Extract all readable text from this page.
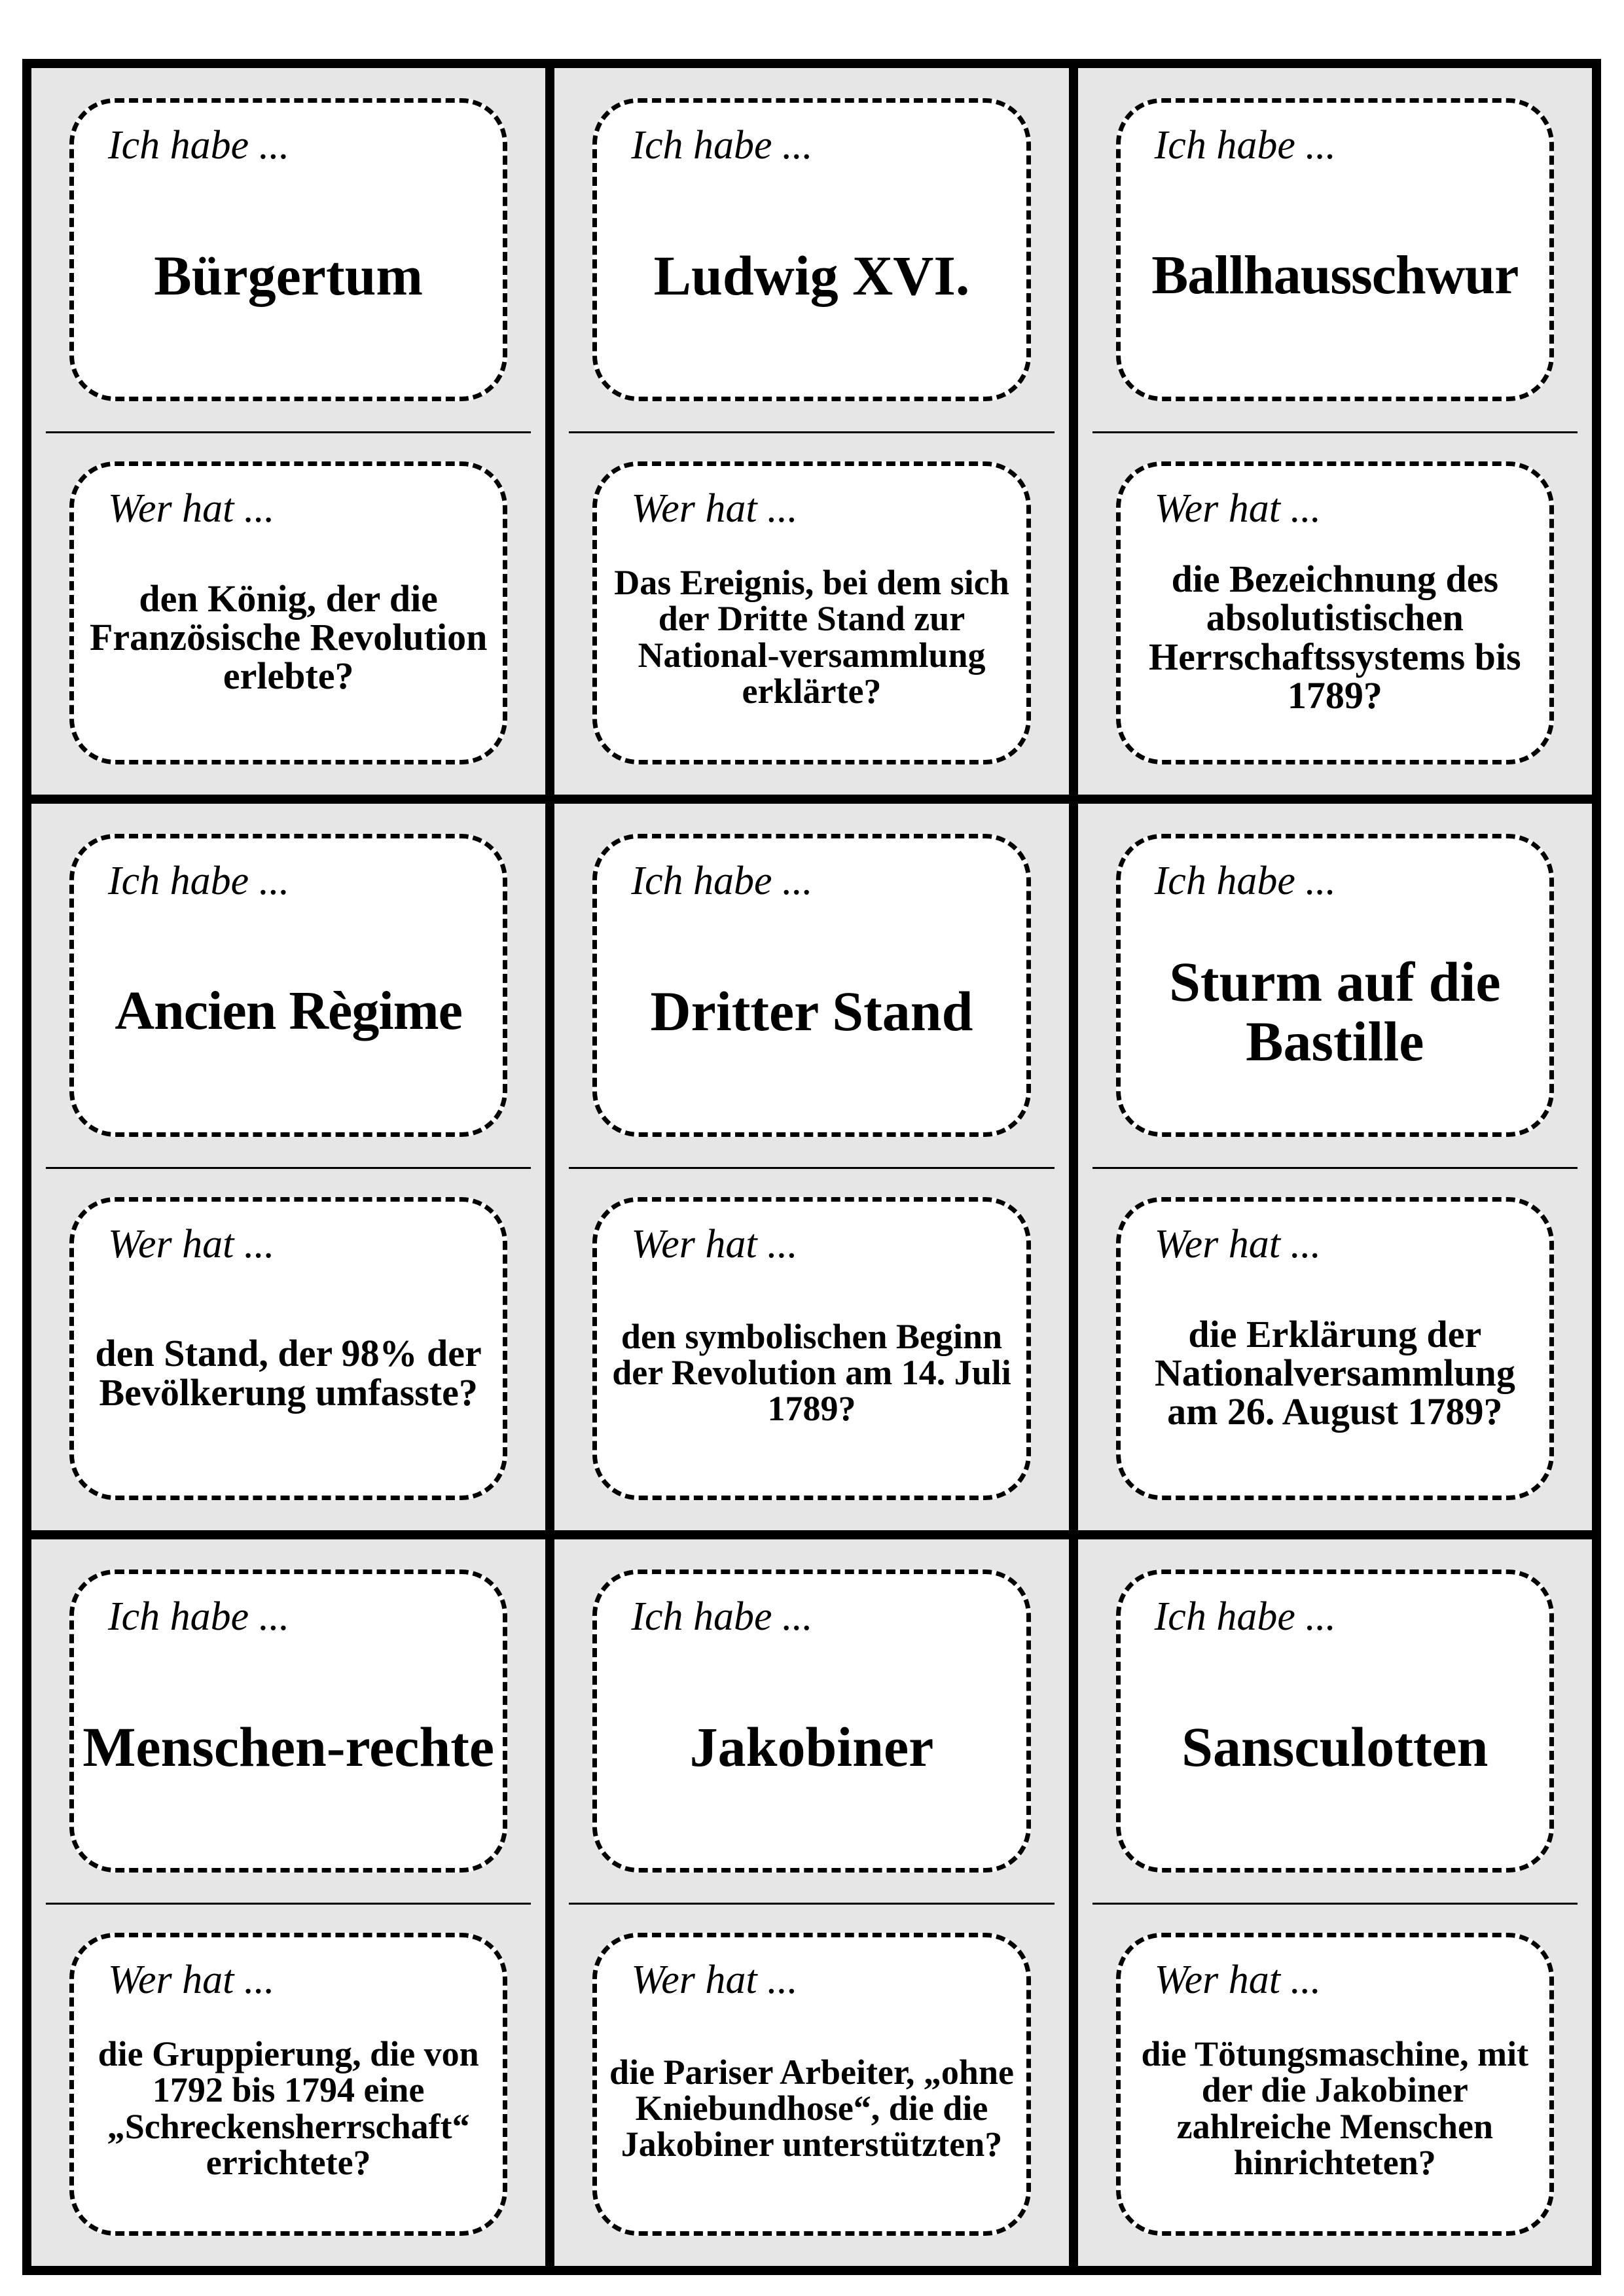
Ich habe ...
Bürgertum
Wer hat ...
den König, der die Französische Revolution erlebte?
Ich habe ...
Ludwig XVI.
Wer hat ...
Das Ereignis, bei dem sich der Dritte Stand zur National-versammlung erklärte?
Ich habe ...
Ballhausschwur
Wer hat ...
die Bezeichnung des absolutistischen Herrschaftssystems bis 1789?
Ich habe ...
Ancien Règime
Wer hat ...
den Stand, der 98% der Bevölkerung umfasste?
Ich habe ...
Dritter Stand
Wer hat ...
den symbolischen Beginn der Revolution am 14. Juli 1789?
Ich habe ...
Sturm auf die Bastille
Wer hat ...
die Erklärung der Nationalversammlung am 26. August 1789?
Ich habe ...
Menschen-rechte
Wer hat ...
die Gruppierung, die von 1792 bis 1794 eine „Schreckensherrschaft“ errichtete?
Ich habe ...
Jakobiner
Wer hat ...
die Pariser Arbeiter, „ohne Kniebundhose“, die die Jakobiner unterstützten?
Ich habe ...
Sansculotten
Wer hat ...
die Tötungsmaschine, mit der die Jakobiner zahlreiche Menschen hinrichteten?
